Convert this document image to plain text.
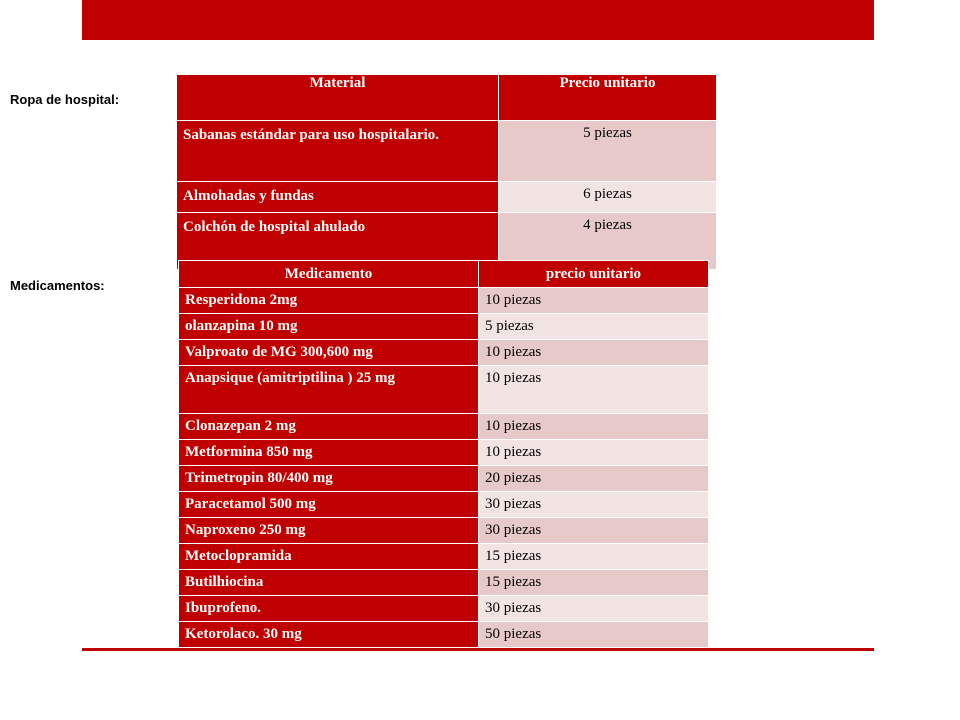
Ropa de hospital:
Medicamentos:
Material	Precio unitario
Sabanas estándar para uso hospitalario.	5 piezas
Almohadas y fundas	6 piezas
Colchón de hospital ahulado	4 piezas
Medicamento	precio unitario
Resperidona 2mg	10 piezas
olanzapina 10 mg	5 piezas
Valproato de MG 300,600 mg	10 piezas
Anapsique (amitriptilina ) 25 mg	10 piezas
Clonazepan 2 mg	10 piezas
Metformina 850 mg	10 piezas
Trimetropin 80/400 mg	20 piezas
Paracetamol 500 mg	30 piezas
Naproxeno 250 mg	30 piezas
Metoclopramida	15 piezas
Butilhiocina	15 piezas
Ibuprofeno.	30 piezas
Ketorolaco. 30 mg	50 piezas
